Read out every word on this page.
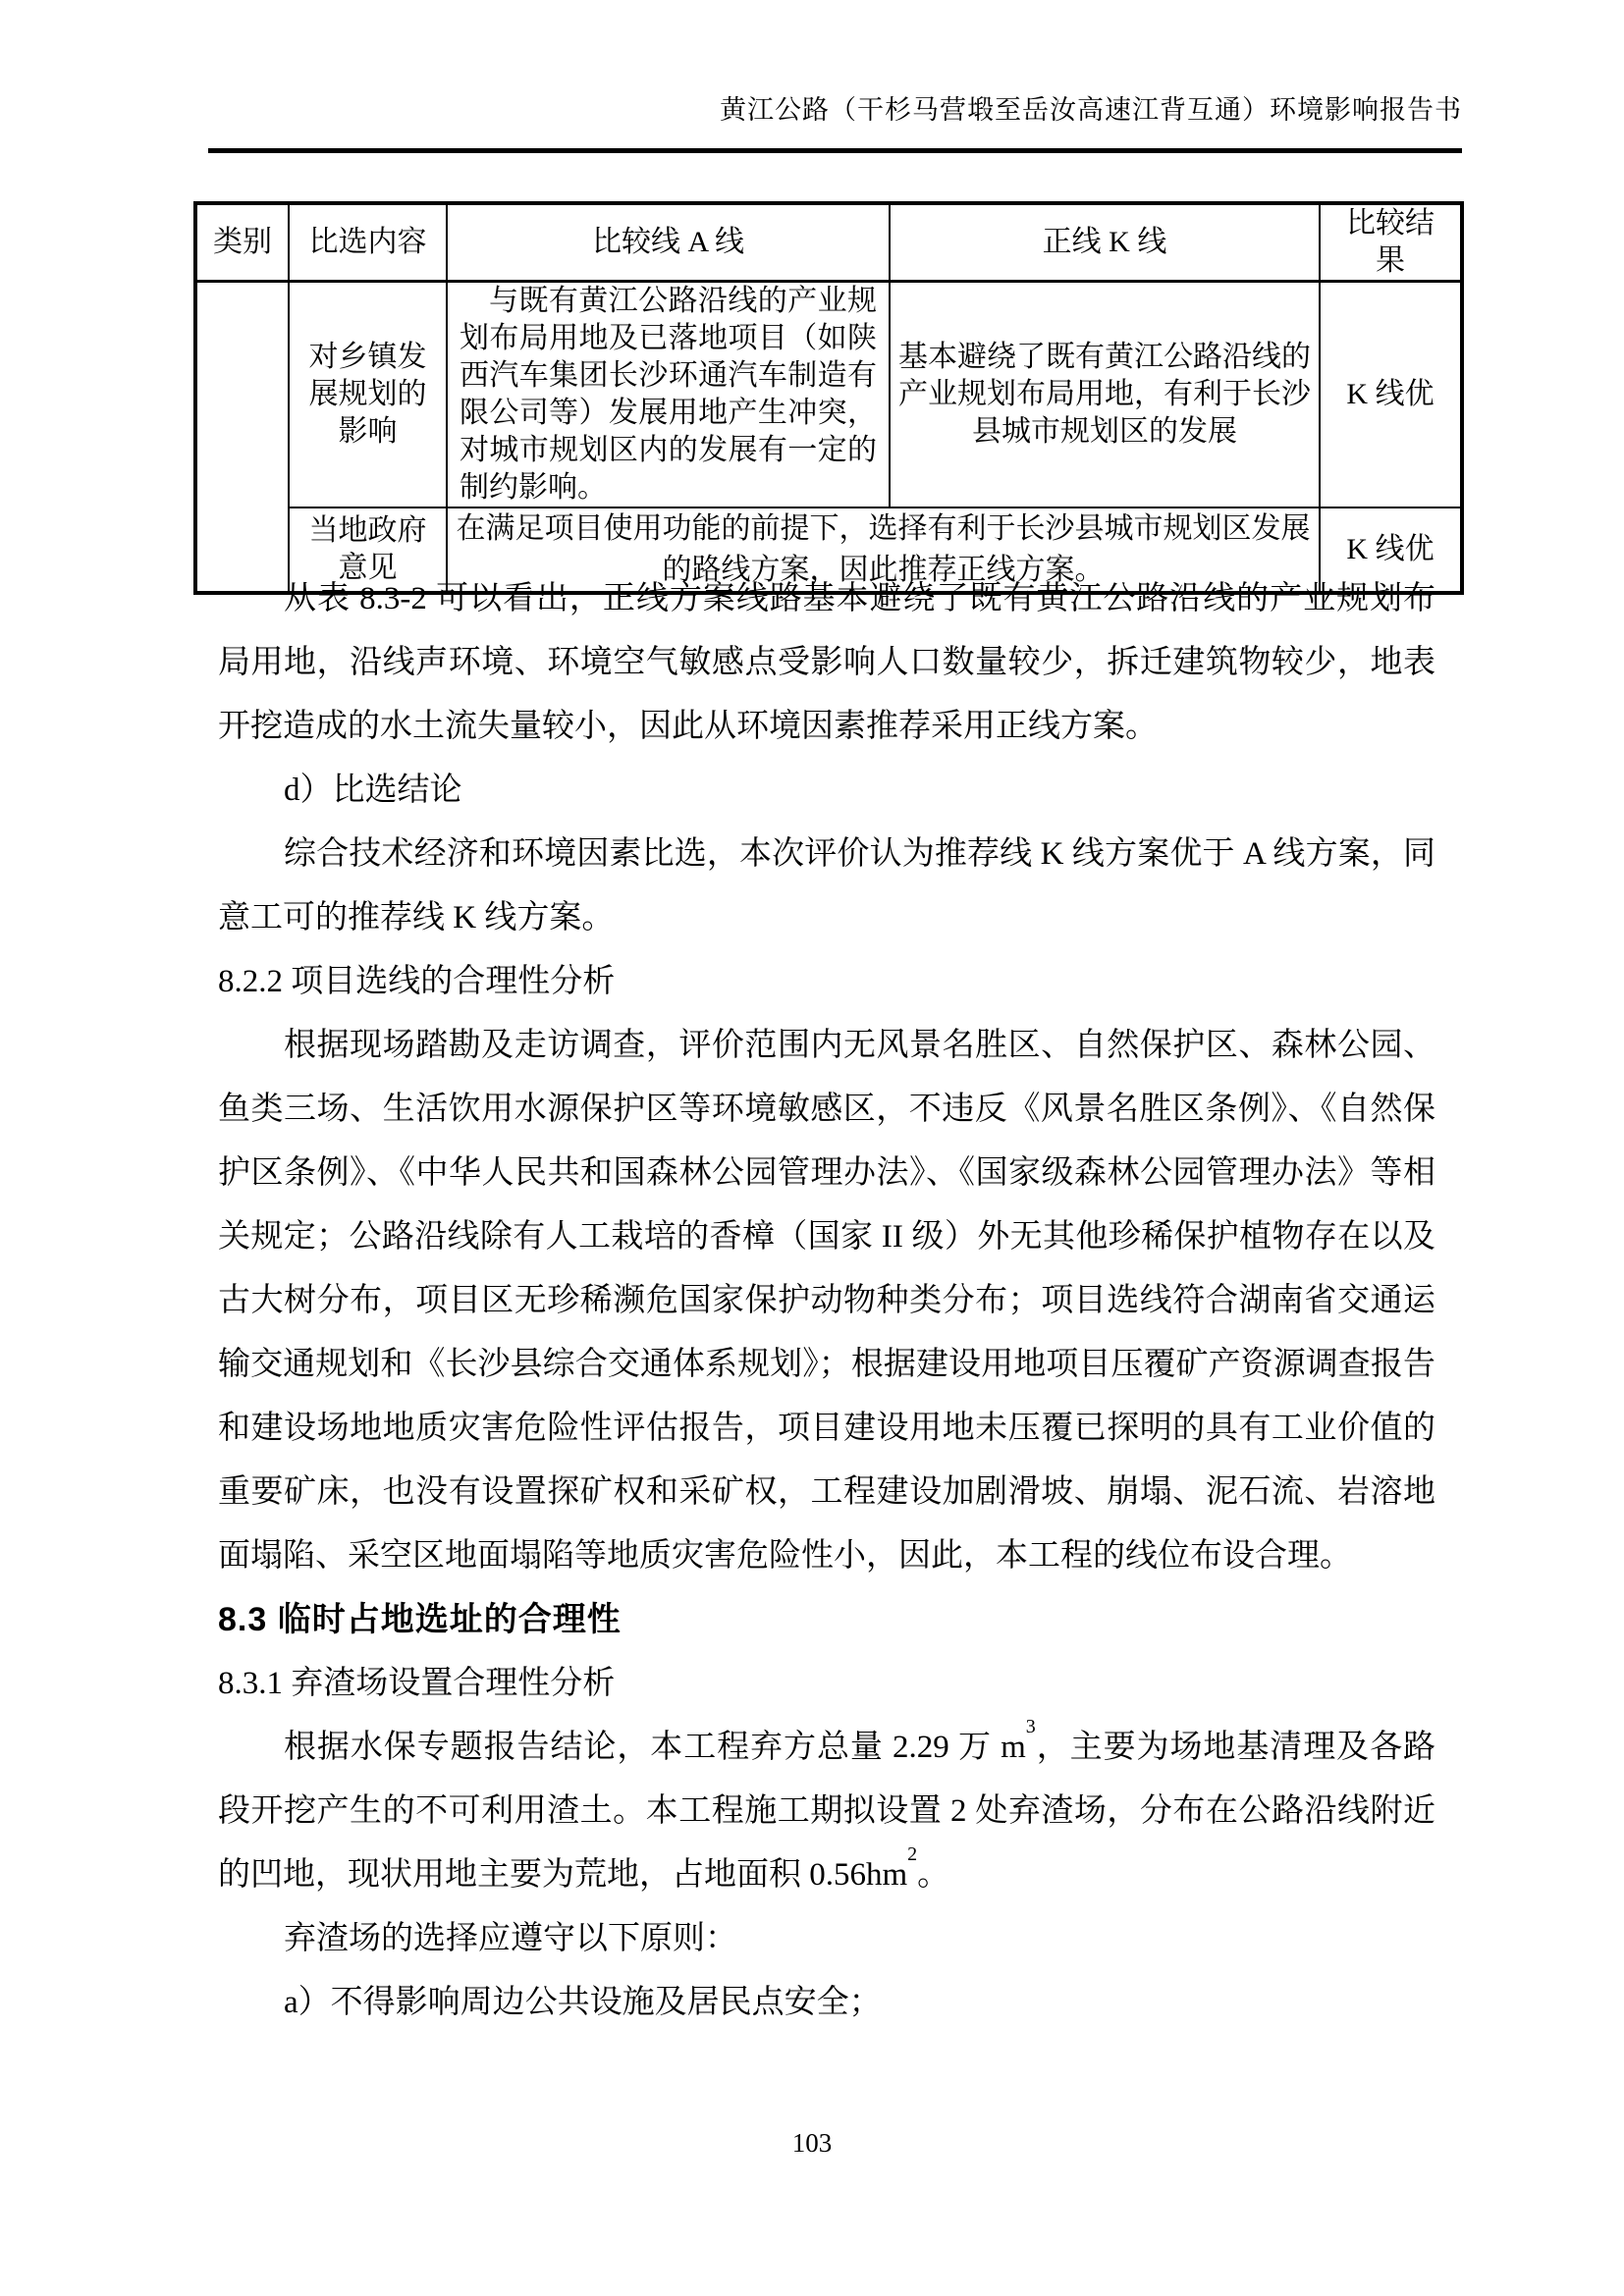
黄江公路（干杉马营塅至岳汝高速江背互通）环境影响报告书
类别	比选内容	比较线 A 线	正线 K 线	比较结果
	对乡镇发展规划的影响	与既有黄江公路沿线的产业规划布局用地及已落地项目（如陕西汽车集团长沙环通汽车制造有限公司等）发展用地产生冲突，对城市规划区内的发展有一定的制约影响。	基本避绕了既有黄江公路沿线的产业规划布局用地，有利于长沙县城市规划区的发展	K 线优
	当地政府意见	在满足项目使用功能的前提下，选择有利于长沙县城市规划区发展的路线方案，因此推荐正线方案。		K 线优

从表 8.3-2 可以看出，正线方案线路基本避绕了既有黄江公路沿线的产业规划布局用地，沿线声环境、环境空气敏感点受影响人口数量较少，拆迁建筑物较少，地表开挖造成的水土流失量较小，因此从环境因素推荐采用正线方案。

d）比选结论

综合技术经济和环境因素比选，本次评价认为推荐线 K 线方案优于 A 线方案，同意工可的推荐线 K 线方案。

8.2.2 项目选线的合理性分析

根据现场踏勘及走访调查，评价范围内无风景名胜区、自然保护区、森林公园、鱼类三场、生活饮用水源保护区等环境敏感区，不违反《风景名胜区条例》、《自然保护区条例》、《中华人民共和国森林公园管理办法》、《国家级森林公园管理办法》等相关规定；公路沿线除有人工栽培的香樟（国家 II 级）外无其他珍稀保护植物存在以及古大树分布，项目区无珍稀濒危国家保护动物种类分布；项目选线符合湖南省交通运输交通规划和《长沙县综合交通体系规划》；根据建设用地项目压覆矿产资源调查报告和建设场地地质灾害危险性评估报告，项目建设用地未压覆已探明的具有工业价值的重要矿床，也没有设置探矿权和采矿权，工程建设加剧滑坡、崩塌、泥石流、岩溶地面塌陷、采空区地面塌陷等地质灾害危险性小，因此，本工程的线位布设合理。

8.3 临时占地选址的合理性
8.3.1 弃渣场设置合理性分析

根据水保专题报告结论，本工程弃方总量 2.29 万 $m^3$，主要为场地基清理及各路段开挖产生的不可利用渣土。本工程施工期拟设置 2 处弃渣场，分布在公路沿线附近的凹地，现状用地主要为荒地，占地面积 $0.56hm^2$。

弃渣场的选择应遵守以下原则：

a）不得影响周边公共设施及居民点安全；

103
